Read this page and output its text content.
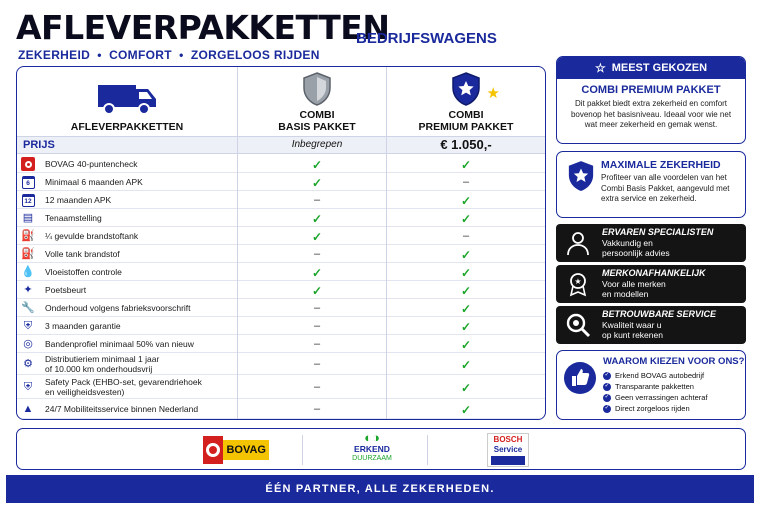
AFLEVERPAKKETTEN
BEDRIJFSWAGENS
ZEKERHEID  •  COMFORT  •  ZORGELOOS RIJDEN
AFLEVERPAKKETTEN
COMBI
BASIS PAKKET
★
COMBI
PREMIUM PAKKET
PRIJS	Inbegrepen	€ 1.050,-
BOVAG 40-puntencheck	✓	✓
6	Minimaal 6 maanden APK	✓	–
12	12 maanden APK	–	✓
▤ Tenaamstelling	✓	✓
⛽ ¼ gevulde brandstoftank	✓	–
⛽ Volle tank brandstof	–	✓
💧 Vloeistoffen controle	✓	✓
✦ Poetsbeurt	✓	✓
🔧 Onderhoud volgens fabrieksvoorschrift	–	✓
⛨ 3 maanden garantie	–	✓
◎ Bandenprofiel minimaal 50% van nieuw	–	✓
⚙ Distributieriem minimaal 1 jaar
of 10.000 km onderhoudsvrij	–	✓
⛨ Safety Pack (EHBO-set, gevarendriehoek
en veiligheidsvesten)	–	✓
▲ 24/7 Mobiliteitsservice binnen Nederland	–	✓
☆ MEEST GEKOZEN
COMBI PREMIUM PAKKET

Dit pakket biedt extra zekerheid en comfort bovenop het basisniveau. Ideaal voor wie net wat meer zekerheid en gemak wenst.

MAXIMALE ZEKERHEID
Profiteer van alle voordelen van het Combi Basis Pakket, aangevuld met extra service en zekerheid.
ERVAREN SPECIALISTEN
Vakkundig en
persoonlijk advies
★
MERKONAFHANKELIJK
Voor alle merken
en modellen
BETROUWBARE SERVICE
Kwaliteit waar u
op kunt rekenen
WAAROM KIEZEN VOOR ONS?
✓ Erkend BOVAG autobedrijf
✓ Transparante pakketten
✓ Geen verrassingen achteraf
✓ Direct zorgeloos rijden
BOVAG
◐◑
ERKEND
DUURZAAM
BOSCH
Service
ÉÉN PARTNER, ALLE ZEKERHEDEN.
